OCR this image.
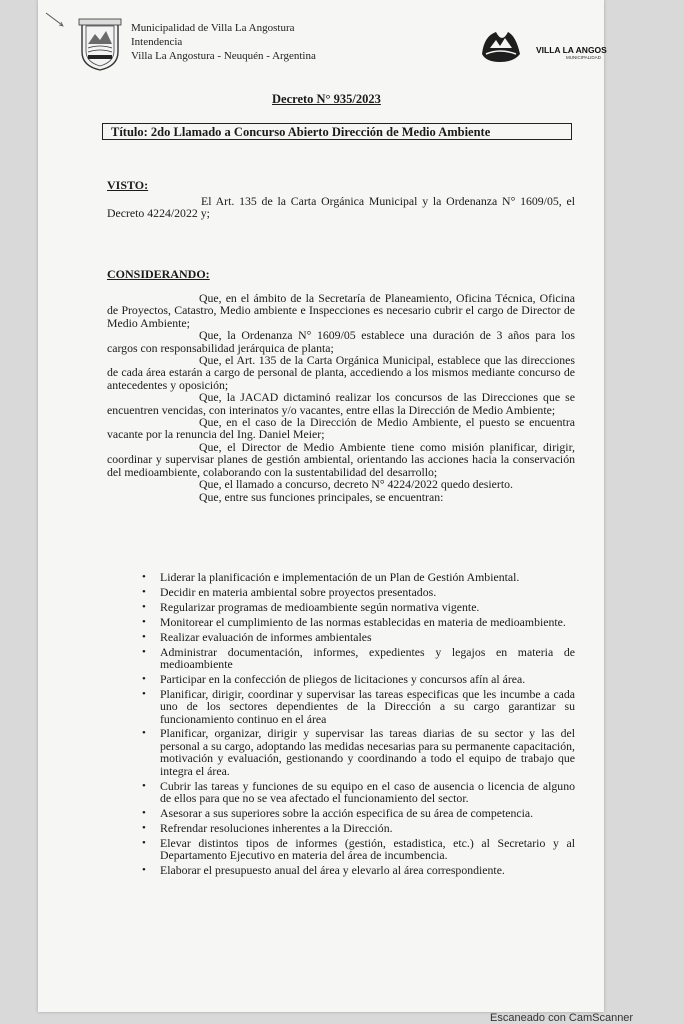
Municipalidad de Villa La Angostura
Intendencia
Villa La Angostura - Neuquén - Argentina	VILLA LA ANGOS
MUNICIPALIDAD
Decreto N° 935/2023
Título: 2do Llamado a Concurso Abierto Dirección de Medio Ambiente
VISTO:
El Art. 135 de la Carta Orgánica Municipal y la Ordenanza N° 1609/05, el Decreto 4224/2022 y;
CONSIDERANDO:
Que, en el ámbito de la Secretaría de Planeamiento, Oficina Técnica, Oficina de Proyectos, Catastro, Medio ambiente e Inspecciones es necesario cubrir el cargo de Director de Medio Ambiente;
Que, la Ordenanza N° 1609/05 establece una duración de 3 años para los cargos con responsabilidad jerárquica de planta;
Que, el Art. 135 de la Carta Orgánica Municipal, establece que las direcciones de cada área estarán a cargo de personal de planta, accediendo a los mismos mediante concurso de antecedentes y oposición;
Que, la JACAD dictaminó realizar los concursos de las Direcciones que se encuentren vencidas, con interinatos y/o vacantes, entre ellas la Dirección de Medio Ambiente;
Que, en el caso de la Dirección de Medio Ambiente, el puesto se encuentra vacante por la renuncia del Ing. Daniel Meier;
Que, el Director de Medio Ambiente tiene como misión planificar, dirigir, coordinar y supervisar planes de gestión ambiental, orientando las acciones hacia la conservación del medioambiente, colaborando con la sustentabilidad del desarrollo;
Que, el llamado a concurso, decreto N° 4224/2022 quedo desierto.
Que, entre sus funciones principales, se encuentran:
• Liderar la planificación e implementación de un Plan de Gestión Ambiental.
• Decidir en materia ambiental sobre proyectos presentados.
• Regularizar programas de medioambiente según normativa vigente.
• Monitorear el cumplimiento de las normas establecidas en materia de medioambiente.
• Realizar evaluación de informes ambientales
• Administrar documentación, informes, expedientes y legajos en materia de medioambiente
• Participar en la confección de pliegos de licitaciones y concursos afín al área.
• Planificar, dirigir, coordinar y supervisar las tareas especificas que les incumbe a cada uno de los sectores dependientes de la Dirección a su cargo garantizar su funcionamiento continuo en el área
• Planificar, organizar, dirigir y supervisar las tareas diarias de su sector y las del personal a su cargo, adoptando las medidas necesarias para su permanente capacitación, motivación y evaluación, gestionando y coordinando a todo el equipo de trabajo que integra el área.
• Cubrir las tareas y funciones de su equipo en el caso de ausencia o licencia de alguno de ellos para que no se vea afectado el funcionamiento del sector.
• Asesorar a sus superiores sobre la acción especifica de su área de competencia.
• Refrendar resoluciones inherentes a la Dirección.
• Elevar distintos tipos de informes (gestión, estadistica, etc.) al Secretario y al Departamento Ejecutivo en materia del área de incumbencia.
• Elaborar el presupuesto anual del área y elevarlo al área correspondiente.
Escaneado con CamScanner
